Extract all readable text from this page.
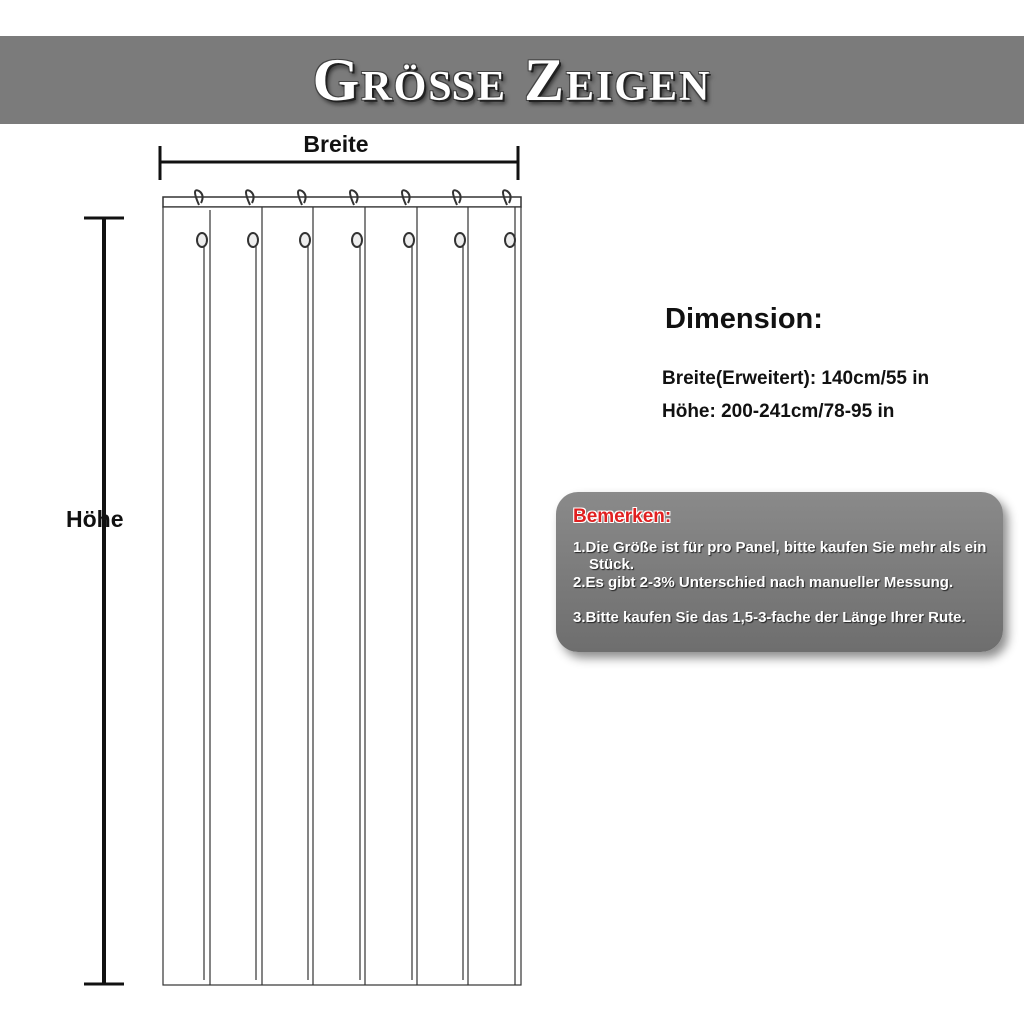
Größe Zeigen
Breite
Höhe
Dimension:
Breite(Erweitert): 140cm/55 in
Höhe: 200-241cm/78-95 in
Bemerken:
1.Die Größe ist für pro Panel, bitte kaufen Sie mehr als ein Stück.
2.Es gibt 2-3% Unterschied nach manueller Messung.
3.Bitte kaufen Sie das 1,5-3-fache der Länge Ihrer Rute.
